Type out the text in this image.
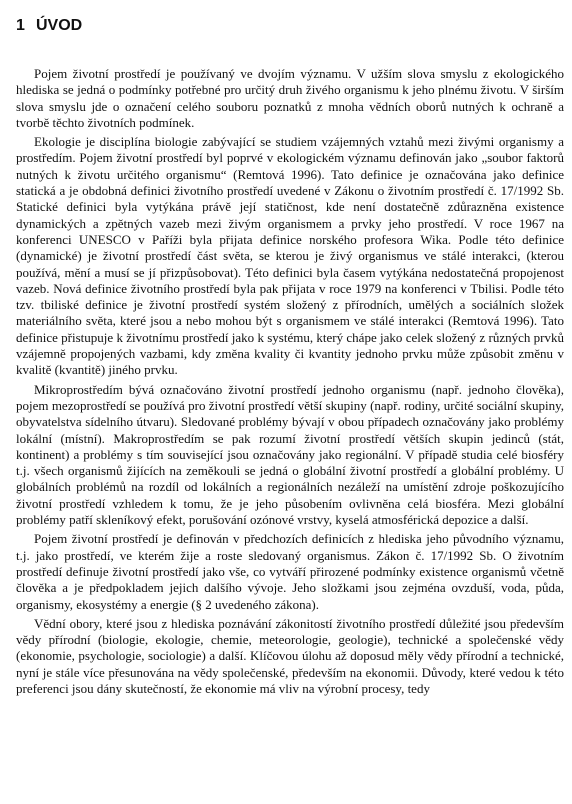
1 ÚVOD

Pojem životní prostředí je používaný ve dvojím významu. V užším slova smyslu z ekologického hlediska se jedná o podmínky potřebné pro určitý druh živého organismu k jeho plnému životu. V širším slova smyslu jde o označení celého souboru poznatků z mnoha vědních oborů nutných k ochraně a tvorbě těchto životních podmínek.

Ekologie je disciplína biologie zabývající se studiem vzájemných vztahů mezi živými organismy a prostředím. Pojem životní prostředí byl poprvé v ekologickém významu definován jako „soubor faktorů nutných k životu určitého organismu“ (Remtová 1996). Tato definice je označována jako definice statická a je obdobná definici životního prostředí uvedené v Zákonu o životním prostředí č. 17/1992 Sb. Statické definici byla vytýkána právě její statičnost, kde není dostatečně zdůrazněna existence dynamických a zpětných vazeb mezi živým organismem a prvky jeho prostředí. V roce 1967 na konferenci UNESCO v Paříži byla přijata definice norského profesora Wika. Podle této definice (dynamické) je životní prostředí část světa, se kterou je živý organismus ve stálé interakci, (kterou používá, mění a musí se jí přizpůsobovat). Této definici byla časem vytýkána nedostatečná propojenost vazeb. Nová definice životního prostředí byla pak přijata v roce 1979 na konferenci v Tbilisi. Podle této tzv. tbiliské definice je životní prostředí systém složený z přírodních, umělých a sociálních složek materiálního světa, které jsou a nebo mohou být s organismem ve stálé interakci (Remtová 1996). Tato definice přistupuje k životnímu prostředí jako k systému, který chápe jako celek složený z různých prvků vzájemně propojených vazbami, kdy změna kvality či kvantity jednoho prvku může způsobit změnu v kvalitě (kvantitě) jiného prvku.

Mikroprostředím bývá označováno životní prostředí jednoho organismu (např. jednoho člověka), pojem mezoprostředí se používá pro životní prostředí větší skupiny (např. rodiny, určité sociální skupiny, obyvatelstva sídelního útvaru). Sledované problémy bývají v obou případech označovány jako problémy lokální (místní). Makroprostředím se pak rozumí životní prostředí větších skupin jedinců (stát, kontinent) a problémy s tím související jsou označovány jako regionální. V případě studia celé biosféry t.j. všech organismů žijících na zeměkouli se jedná o globální životní prostředí a globální problémy. U globálních problémů na rozdíl od lokálních a regionálních nezáleží na umístění zdroje poškozujícího životní prostředí vzhledem k tomu, že je jeho působením ovlivněna celá biosféra. Mezi globální problémy patří skleníkový efekt, porušování ozónové vrstvy, kyselá atmosférická depozice a další.

Pojem životní prostředí je definován v předchozích definicích z hlediska jeho původního významu, t.j. jako prostředí, ve kterém žije a roste sledovaný organismus. Zákon č. 17/1992 Sb. O životním prostředí definuje životní prostředí jako vše, co vytváří přirozené podmínky existence organismů včetně člověka a je předpokladem jejich dalšího vývoje. Jeho složkami jsou zejména ovzduší, voda, půda, organismy, ekosystémy a energie (§ 2 uvedeného zákona).

Vědní obory, které jsou z hlediska poznávání zákonitostí životního prostředí důležité jsou především vědy přírodní (biologie, ekologie, chemie, meteorologie, geologie), technické a společenské vědy (ekonomie, psychologie, sociologie) a další. Klíčovou úlohu až doposud měly vědy přírodní a technické, nyní je stále více přesunována na vědy společenské, především na ekonomii. Důvody, které vedou k této preferenci jsou dány skutečností, že ekonomie má vliv na výrobní procesy, tedy
